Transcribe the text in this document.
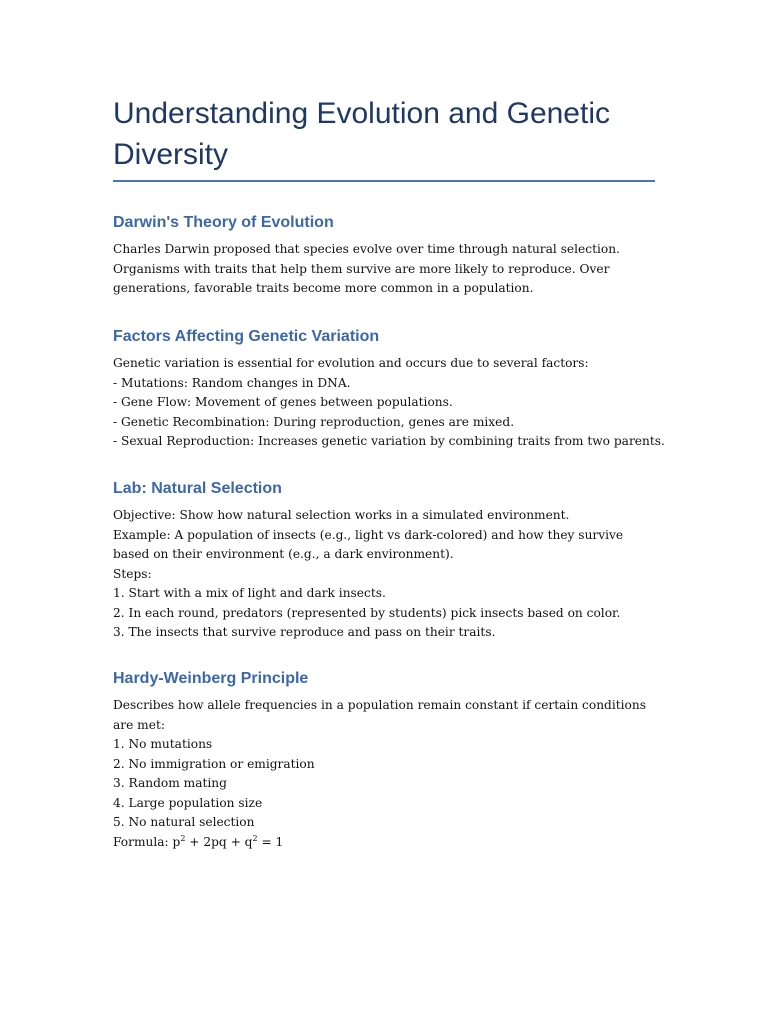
Understanding Evolution and Genetic Diversity
Darwin's Theory of Evolution

Charles Darwin proposed that species evolve over time through natural selection. Organisms with traits that help them survive are more likely to reproduce. Over generations, favorable traits become more common in a population.

Factors Affecting Genetic Variation

Genetic variation is essential for evolution and occurs due to several factors:

- Mutations: Random changes in DNA.

- Gene Flow: Movement of genes between populations.

- Genetic Recombination: During reproduction, genes are mixed.

- Sexual Reproduction: Increases genetic variation by combining traits from two parents.

Lab: Natural Selection

Objective: Show how natural selection works in a simulated environment.

Example: A population of insects (e.g., light vs dark-colored) and how they survive based on their environment (e.g., a dark environment).

Steps:

1. Start with a mix of light and dark insects.

2. In each round, predators (represented by students) pick insects based on color.

3. The insects that survive reproduce and pass on their traits.

Hardy-Weinberg Principle

Describes how allele frequencies in a population remain constant if certain conditions are met:

1. No mutations

2. No immigration or emigration

3. Random mating

4. Large population size

5. No natural selection

Formula: $p^2 + 2pq + q^2 = 1$
